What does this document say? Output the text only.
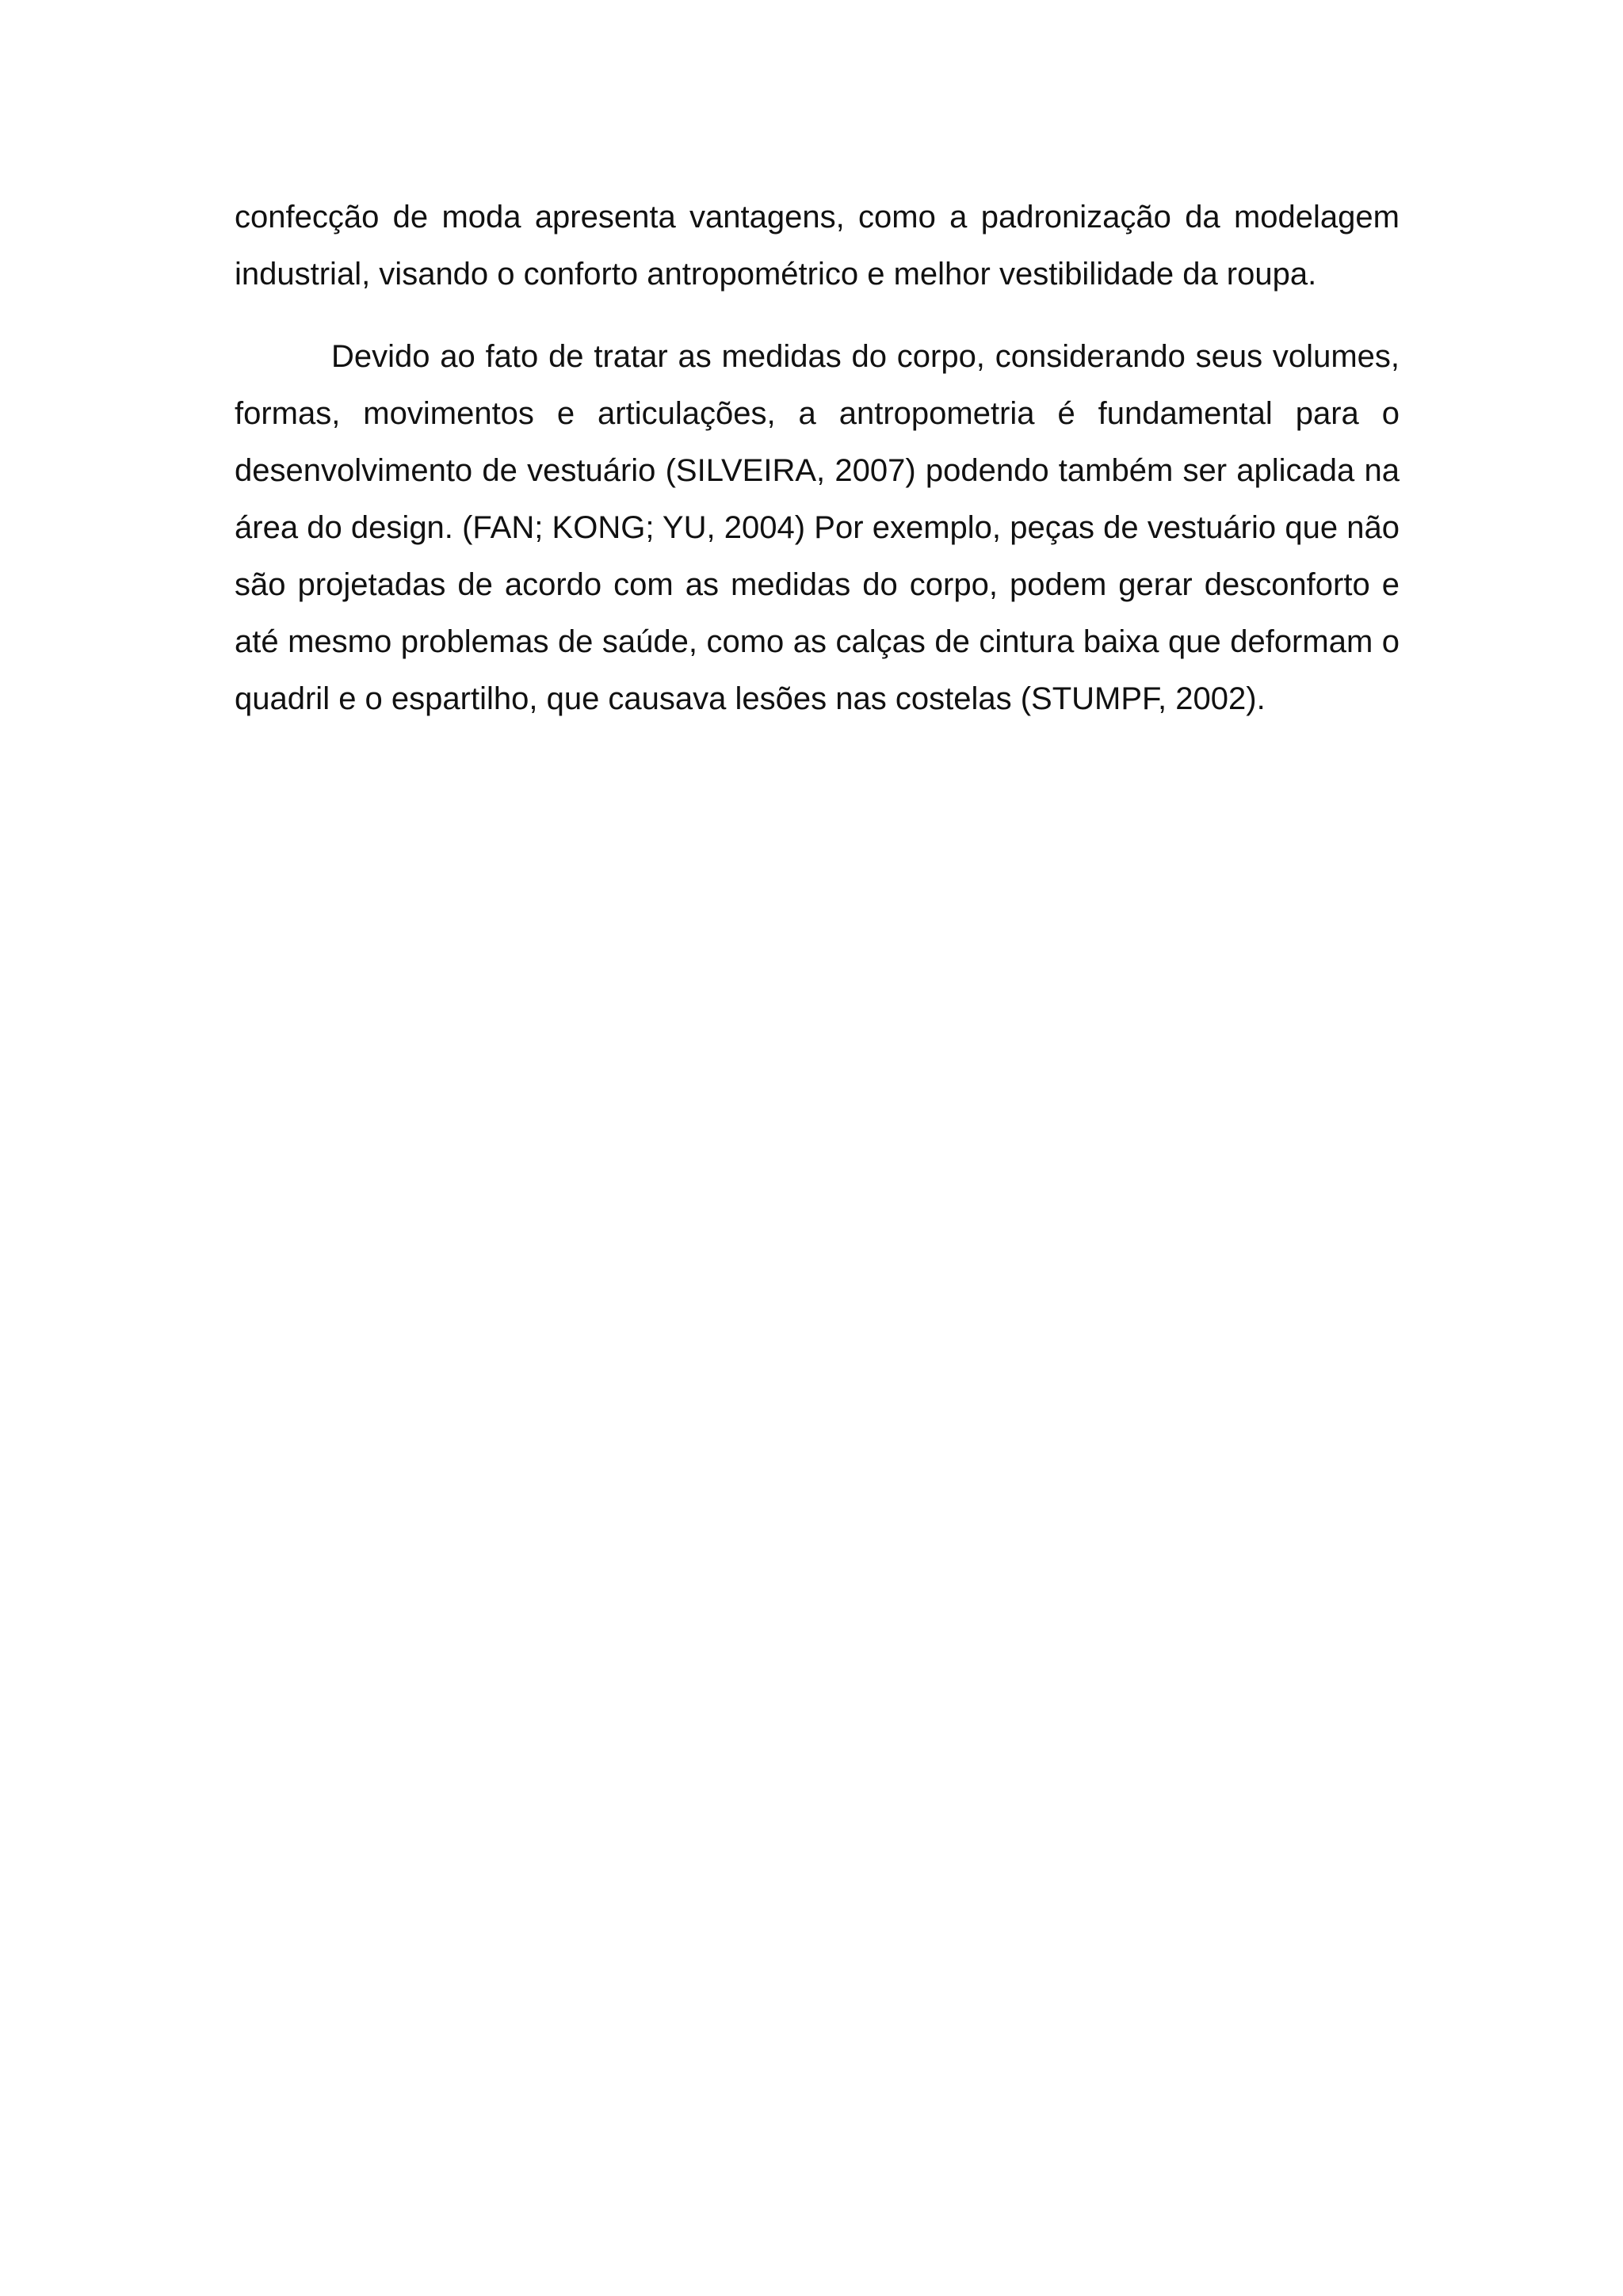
confecção de moda apresenta vantagens, como a padronização da modelagem industrial, visando o conforto antropométrico e melhor vestibilidade da roupa.

Devido ao fato de tratar as medidas do corpo, considerando seus volumes, formas, movimentos e articulações, a antropometria é fundamental para o desenvolvimento de vestuário (SILVEIRA, 2007) podendo também ser aplicada na área do design. (FAN; KONG; YU, 2004) Por exemplo, peças de vestuário que não são projetadas de acordo com as medidas do corpo, podem gerar desconforto e até mesmo problemas de saúde, como as calças de cintura baixa que deformam o quadril e o espartilho, que causava lesões nas costelas (STUMPF, 2002).
